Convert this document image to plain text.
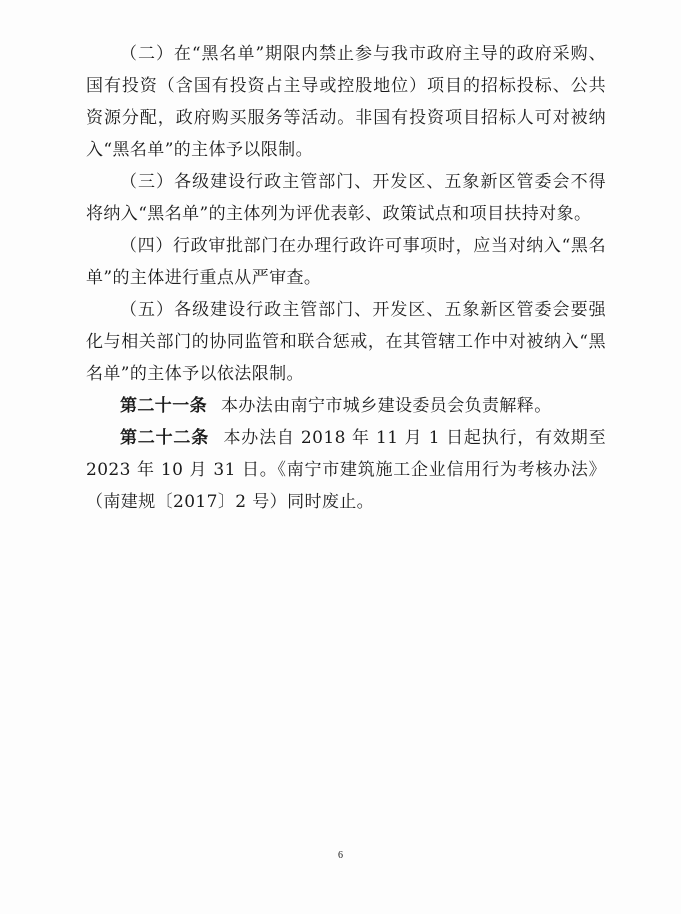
（二）在“黑名单”期限内禁止参与我市政府主导的政府采购、国有投资（含国有投资占主导或控股地位）项目的招标投标、公共资源分配，政府购买服务等活动。非国有投资项目招标人可对被纳入“黑名单”的主体予以限制。

（三）各级建设行政主管部门、开发区、五象新区管委会不得将纳入“黑名单”的主体列为评优表彰、政策试点和项目扶持对象。

（四）行政审批部门在办理行政许可事项时，应当对纳入“黑名单”的主体进行重点从严审查。

（五）各级建设行政主管部门、开发区、五象新区管委会要强化与相关部门的协同监管和联合惩戒，在其管辖工作中对被纳入“黑名单”的主体予以依法限制。

第二十一条 本办法由南宁市城乡建设委员会负责解释。

第二十二条 本办法自 2018 年 11 月 1 日起执行，有效期至 2023 年 10 月 31 日。《南宁市建筑施工企业信用行为考核办法》（南建规〔2017〕2 号）同时废止。

6
